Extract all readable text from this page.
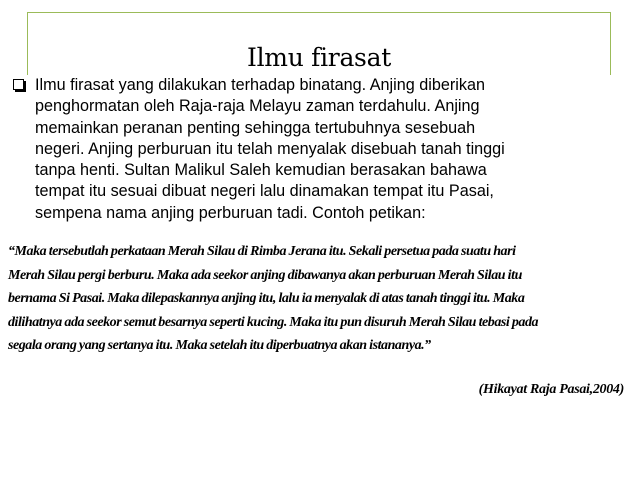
Ilmu firasat
Ilmu firasat yang dilakukan terhadap binatang. Anjing diberikan
penghormatan oleh Raja-raja Melayu zaman terdahulu. Anjing
memainkan peranan penting sehingga tertubuhnya sesebuah
negeri. Anjing perburuan itu telah menyalak disebuah tanah tinggi
tanpa henti. Sultan Malikul Saleh kemudian berasakan bahawa
tempat itu sesuai dibuat negeri lalu dinamakan tempat itu Pasai,
sempena nama anjing perburuan tadi. Contoh petikan:
“Maka tersebutlah perkataan Merah Silau di Rimba Jerana itu. Sekali persetua pada suatu hari
Merah Silau pergi berburu. Maka ada seekor anjing dibawanya akan perburuan Merah Silau itu
bernama Si Pasai. Maka dilepaskannya anjing itu, lalu ia menyalak di atas tanah tinggi itu. Maka
dilihatnya ada seekor semut besarnya seperti kucing. Maka itu pun disuruh Merah Silau tebasi pada
segala orang yang sertanya itu. Maka setelah itu diperbuatnya akan istananya.”
(Hikayat Raja Pasai,2004)
